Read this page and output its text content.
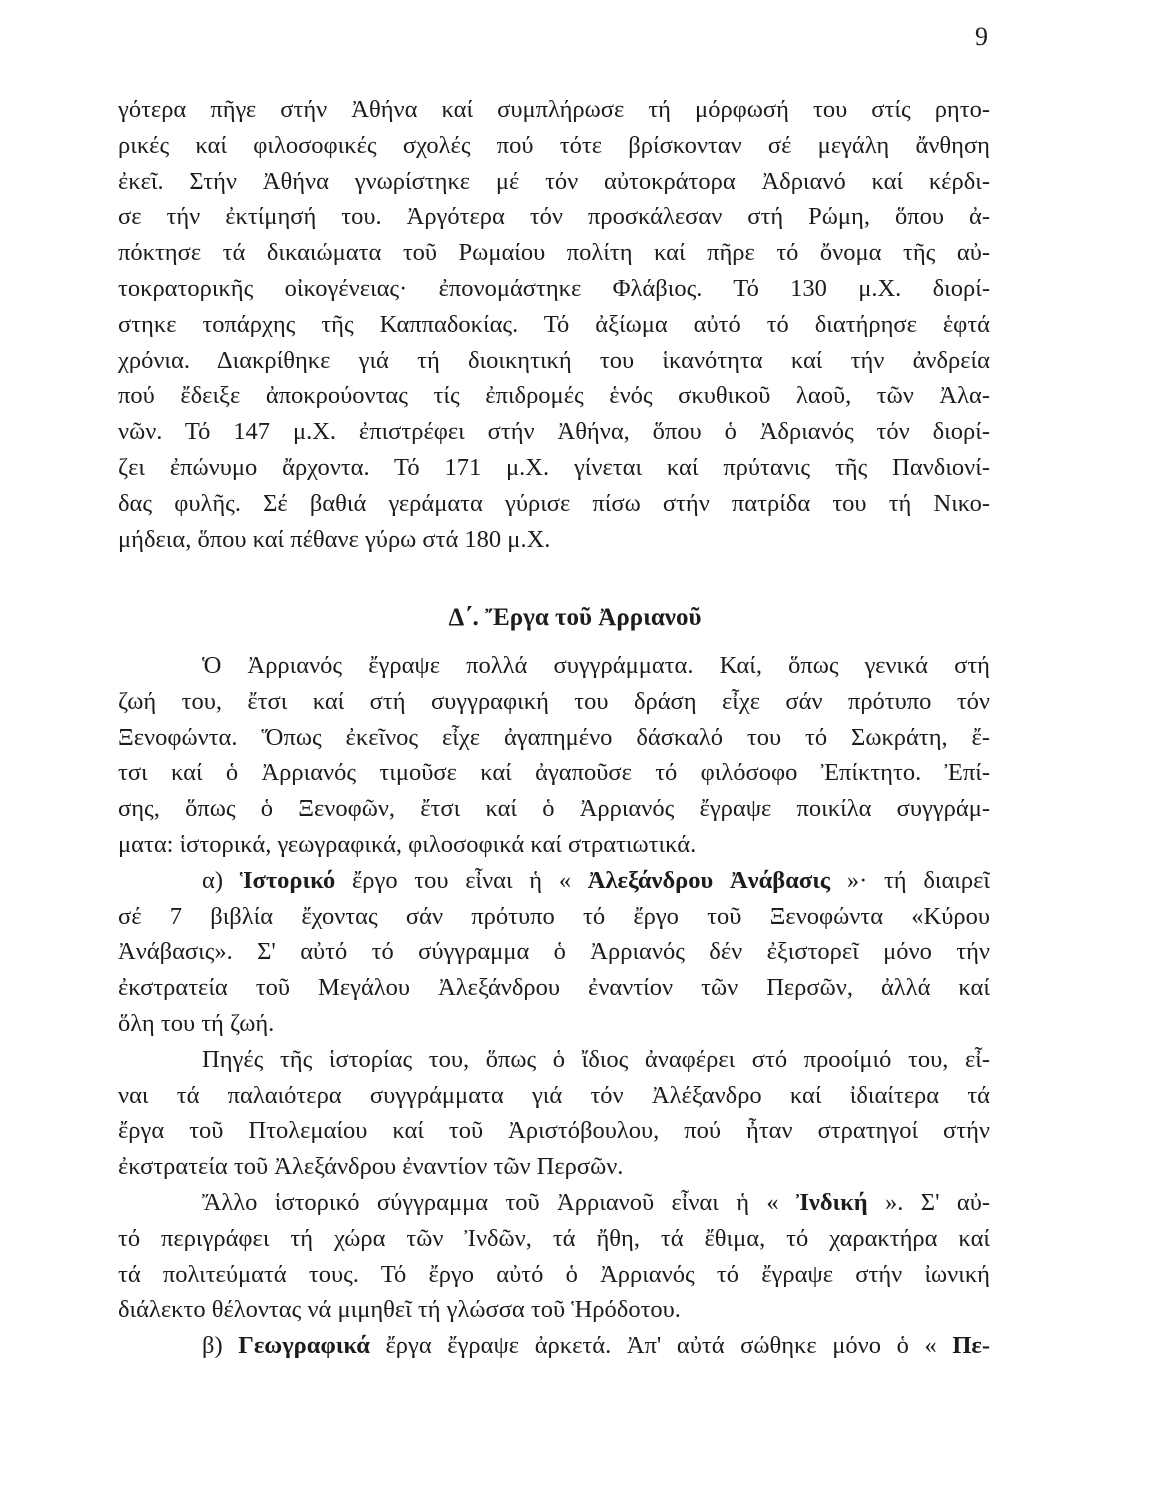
9
γότερα πῆγε στήν Ἀθήνα καί συμπλήρωσε τή μόρφωσή του στίς ρητο-
ρικές καί φιλοσοφικές σχολές πού τότε βρίσκονταν σέ μεγάλη ἄνθηση
ἐκεῖ. Στήν Ἀθήνα γνωρίστηκε μέ τόν αὐτοκράτορα Ἀδριανό καί κέρδι-
σε τήν ἐκτίμησή του. Ἀργότερα τόν προσκάλεσαν στή Ρώμη, ὅπου ἀ-
πόκτησε τά δικαιώματα τοῦ Ρωμαίου πολίτη καί πῆρε τό ὄνομα τῆς αὐ-
τοκρατορικῆς οἰκογένειας· ἐπονομάστηκε Φλάβιος. Τό 130 μ.Χ. διορί-
στηκε τοπάρχης τῆς Καππαδοκίας. Τό ἀξίωμα αὐτό τό διατήρησε ἑφτά
χρόνια. Διακρίθηκε γιά τή διοικητική του ἱκανότητα καί τήν ἀνδρεία
πού ἔδειξε ἀποκρούοντας τίς ἐπιδρομές ἑνός σκυθικοῦ λαοῦ, τῶν Ἀλα-
νῶν. Τό 147 μ.Χ. ἐπιστρέφει στήν Ἀθήνα, ὅπου ὁ Ἀδριανός τόν διορί-
ζει ἐπώνυμο ἄρχοντα. Τό 171 μ.Χ. γίνεται καί πρύτανις τῆς Πανδιονί-
δας φυλῆς. Σέ βαθιά γεράματα γύρισε πίσω στήν πατρίδα του τή Νικο-
μήδεια, ὅπου καί πέθανε γύρω στά 180 μ.Χ.
Δ΄. Ἔργα τοῦ Ἀρριανοῦ
Ὁ Ἀρριανός ἔγραψε πολλά συγγράμματα. Καί, ὅπως γενικά στή
ζωή του, ἔτσι καί στή συγγραφική του δράση εἶχε σάν πρότυπο τόν
Ξενοφώντα. Ὅπως ἐκεῖνος εἶχε ἀγαπημένο δάσκαλό του τό Σωκράτη, ἔ-
τσι καί ὁ Ἀρριανός τιμοῦσε καί ἀγαποῦσε τό φιλόσοφο Ἐπίκτητο. Ἐπί-
σης, ὅπως ὁ Ξενοφῶν, ἔτσι καί ὁ Ἀρριανός ἔγραψε ποικίλα συγγράμ-
ματα: ἱστορικά, γεωγραφικά, φιλοσοφικά καί στρατιωτικά.
α) Ἱστορικό ἔργο του εἶναι ἡ « Ἀλεξάνδρου Ἀνάβασις »· τή διαιρεῖ
σέ 7 βιβλία ἔχοντας σάν πρότυπο τό ἔργο τοῦ Ξενοφώντα «Κύρου
Ἀνάβασις». Σ' αὐτό τό σύγγραμμα ὁ Ἀρριανός δέν ἐξιστορεῖ μόνο τήν
ἐκστρατεία τοῦ Μεγάλου Ἀλεξάνδρου ἐναντίον τῶν Περσῶν, ἀλλά καί
ὅλη του τή ζωή.
Πηγές τῆς ἱστορίας του, ὅπως ὁ ἴδιος ἀναφέρει στό προοίμιό του, εἶ-
ναι τά παλαιότερα συγγράμματα γιά τόν Ἀλέξανδρο καί ἰδιαίτερα τά
ἔργα τοῦ Πτολεμαίου καί τοῦ Ἀριστόβουλου, πού ἦταν στρατηγοί στήν
ἐκστρατεία τοῦ Ἀλεξάνδρου ἐναντίον τῶν Περσῶν.
Ἄλλο ἱστορικό σύγγραμμα τοῦ Ἀρριανοῦ εἶναι ἡ « Ἰνδική ». Σ' αὐ-
τό περιγράφει τή χώρα τῶν Ἰνδῶν, τά ἤθη, τά ἔθιμα, τό χαρακτήρα καί
τά πολιτεύματά τους. Τό ἔργο αὐτό ὁ Ἀρριανός τό ἔγραψε στήν ἰωνική
διάλεκτο θέλοντας νά μιμηθεῖ τή γλώσσα τοῦ Ἡρόδοτου.
β) Γεωγραφικά ἔργα ἔγραψε ἀρκετά. Ἀπ' αὐτά σώθηκε μόνο ὁ « Πε-
